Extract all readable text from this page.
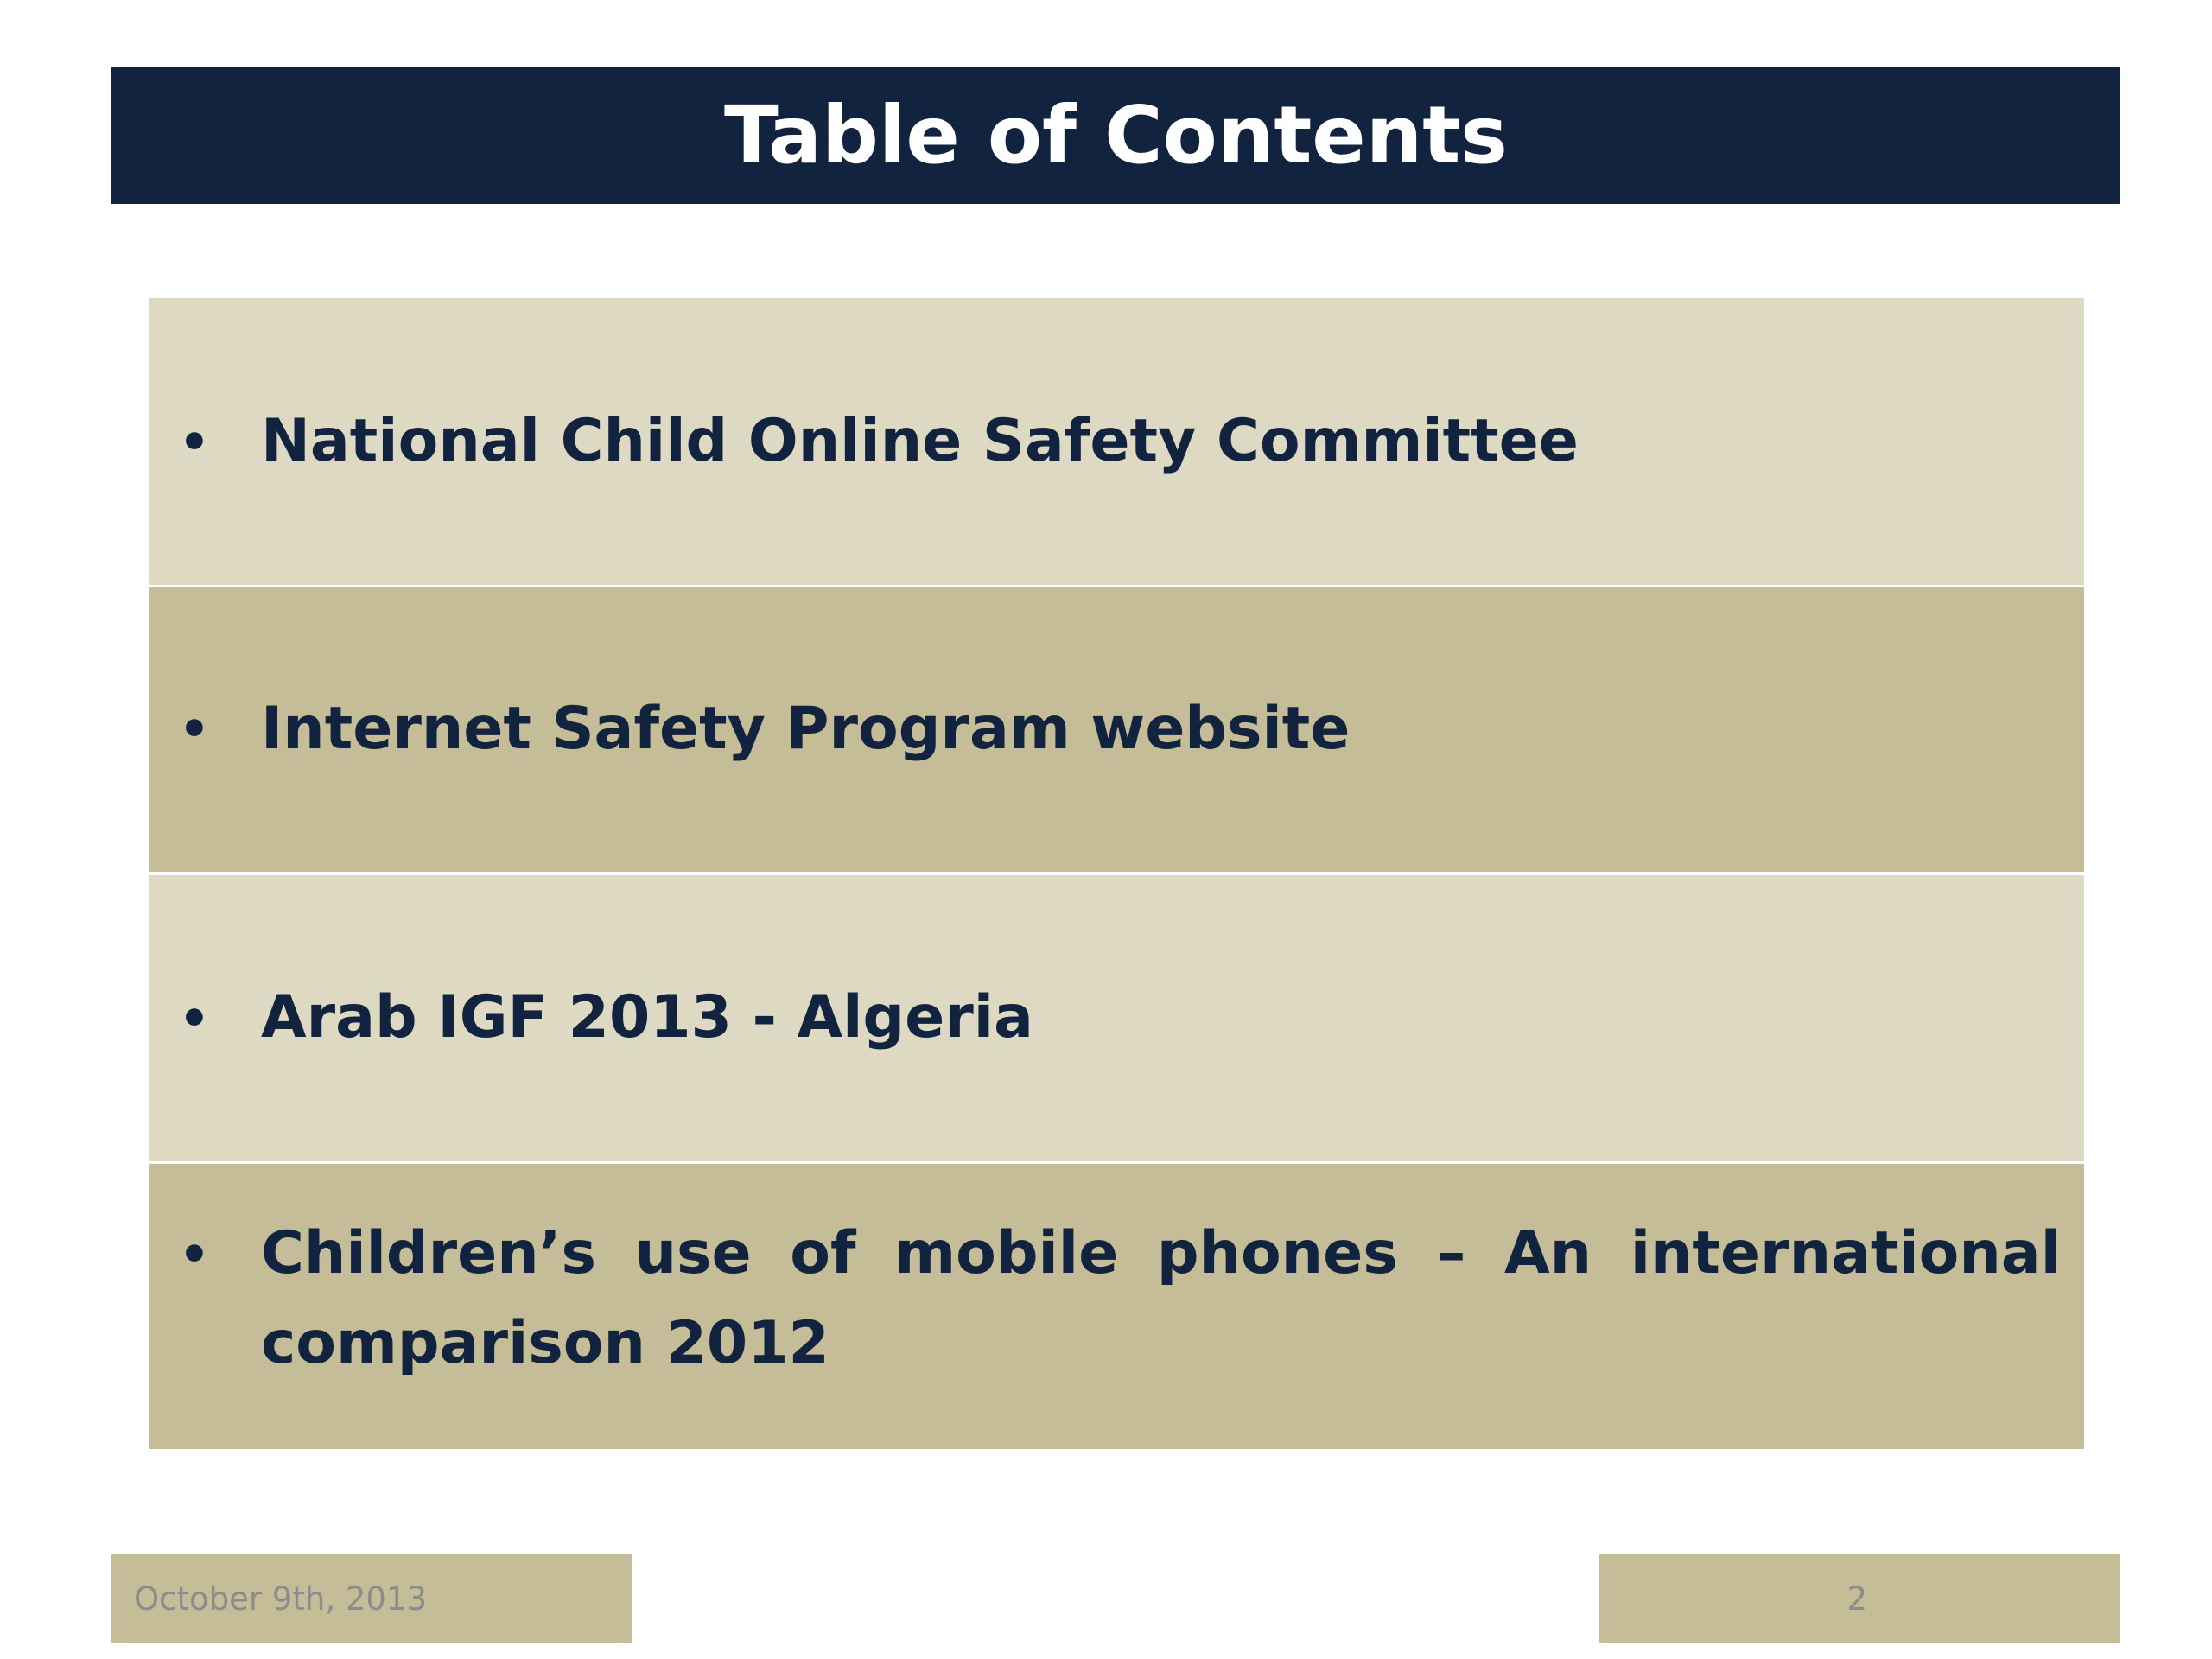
Table of Contents
• National Child Online Safety Committee
• Internet Safety Program website
• Arab IGF 2013 - Algeria
• Children’s use of mobile phones – An international comparison 2012
October 9th, 2013	2
